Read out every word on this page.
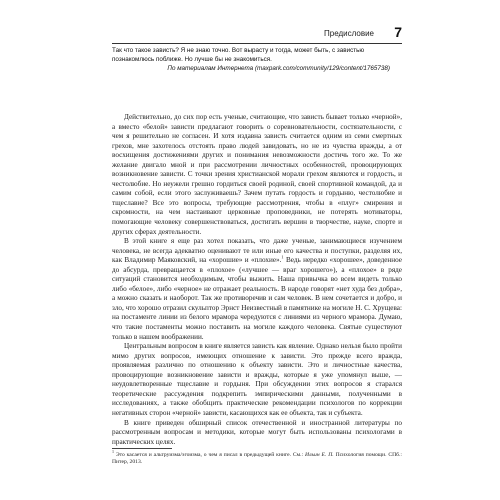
Предисловие 7
Так что такое зависть? Я не знаю точно. Вот вырасту и тогда, может быть, с завистью
познакомлюсь поближе. Но лучше бы не знакомиться.
По материалам Интернета (maxpark.com/community/129/content/1765738)

Действительно, до сих пор есть ученые, считающие, что зависть бывает только «черной», а вместо «белой» зависти предлагают говорить о соревновательности, состязательности, с чем я решительно не согласен. И хотя издавна зависть считается одним из семи смертных грехов, мне захотелось отстоять право людей завидовать, но не из чувства вражды, а от восхищения достижениями других и понимания невозможности достичь того же. То же желание двигало мной и при рассмотрении личностных особенностей, провоцирующих возникновение зависти. С точки зрения христианской морали грехом являются и гордость, и честолюбие. Но неужели грешно гордиться своей родиной, своей спортивной командой, да и самим собой, если этого заслуживаешь? Зачем путать гордость и гордыню, честолюбие и тщеславие? Все это вопросы, требующие рассмотрения, чтобы в «плуг» смирения и скромности, на чем настаивают церковные проповедники, не потерять мотиваторы, помогающие человеку совершенствоваться, достигать вершин в творчестве, науке, спорте и других сферах деятельности.

В этой книге я еще раз хотел показать, что даже ученые, занимающиеся изучением человека, не всегда адекватно оценивают те или иные его качества и поступки, разделяя их, как Владимир Маяковский, на «хорошие» и «плохие».$^1$ Ведь нередко «хорошее», доведенное до абсурда, превращается в «плохое» («лучшее — враг хорошего»), а «плохое» в ряде ситуаций становится необходимым, чтобы выжить. Наша привычка во всем видеть только либо «белое», либо «черное» не отражает реальность. В народе говорят «нет худа без добра», а можно сказать и наоборот. Так же противоречив и сам человек. В нем сочетается и добро, и зло, что хорошо отразил скульптор Эрнст Неизвестный в памятнике на могиле Н. С. Хрущева: на постаменте линии из белого мрамора чередуются с линиями из черного мрамора. Думаю, что такие постаменты можно поставить на могиле каждого человека. Святые существуют только в нашем воображении.

Центральным вопросом в книге является зависть как явление. Однако нельзя было пройти мимо других вопросов, имеющих отношение к зависти. Это прежде всего вражда, проявляемая различно по отношению к объекту зависти. Это и личностные качества, провоцирующие возникновение зависти и вражды, которые я уже упомянул выше, — неудовлетворенные тщеславие и гордыня. При обсуждении этих вопросов я старался теоретические рассуждения подкрепить эмпирическими данными, полученными в исследованиях, а также обобщить практические рекомендации психологов по коррекции негативных сторон «черной» зависти, касающихся как ее объекта, так и субъекта.

В книге приведен обширный список отечественной и иностранной литературы по рассмотренным вопросам и методики, которые могут быть использованы психологами в практических целях.

$^1$ Это касается и альтруизма/эгоизма, о чем я писал в предыдущей книге. См.: Ильин Е. П. Психология помощи. СПб.: Питер, 2013.
